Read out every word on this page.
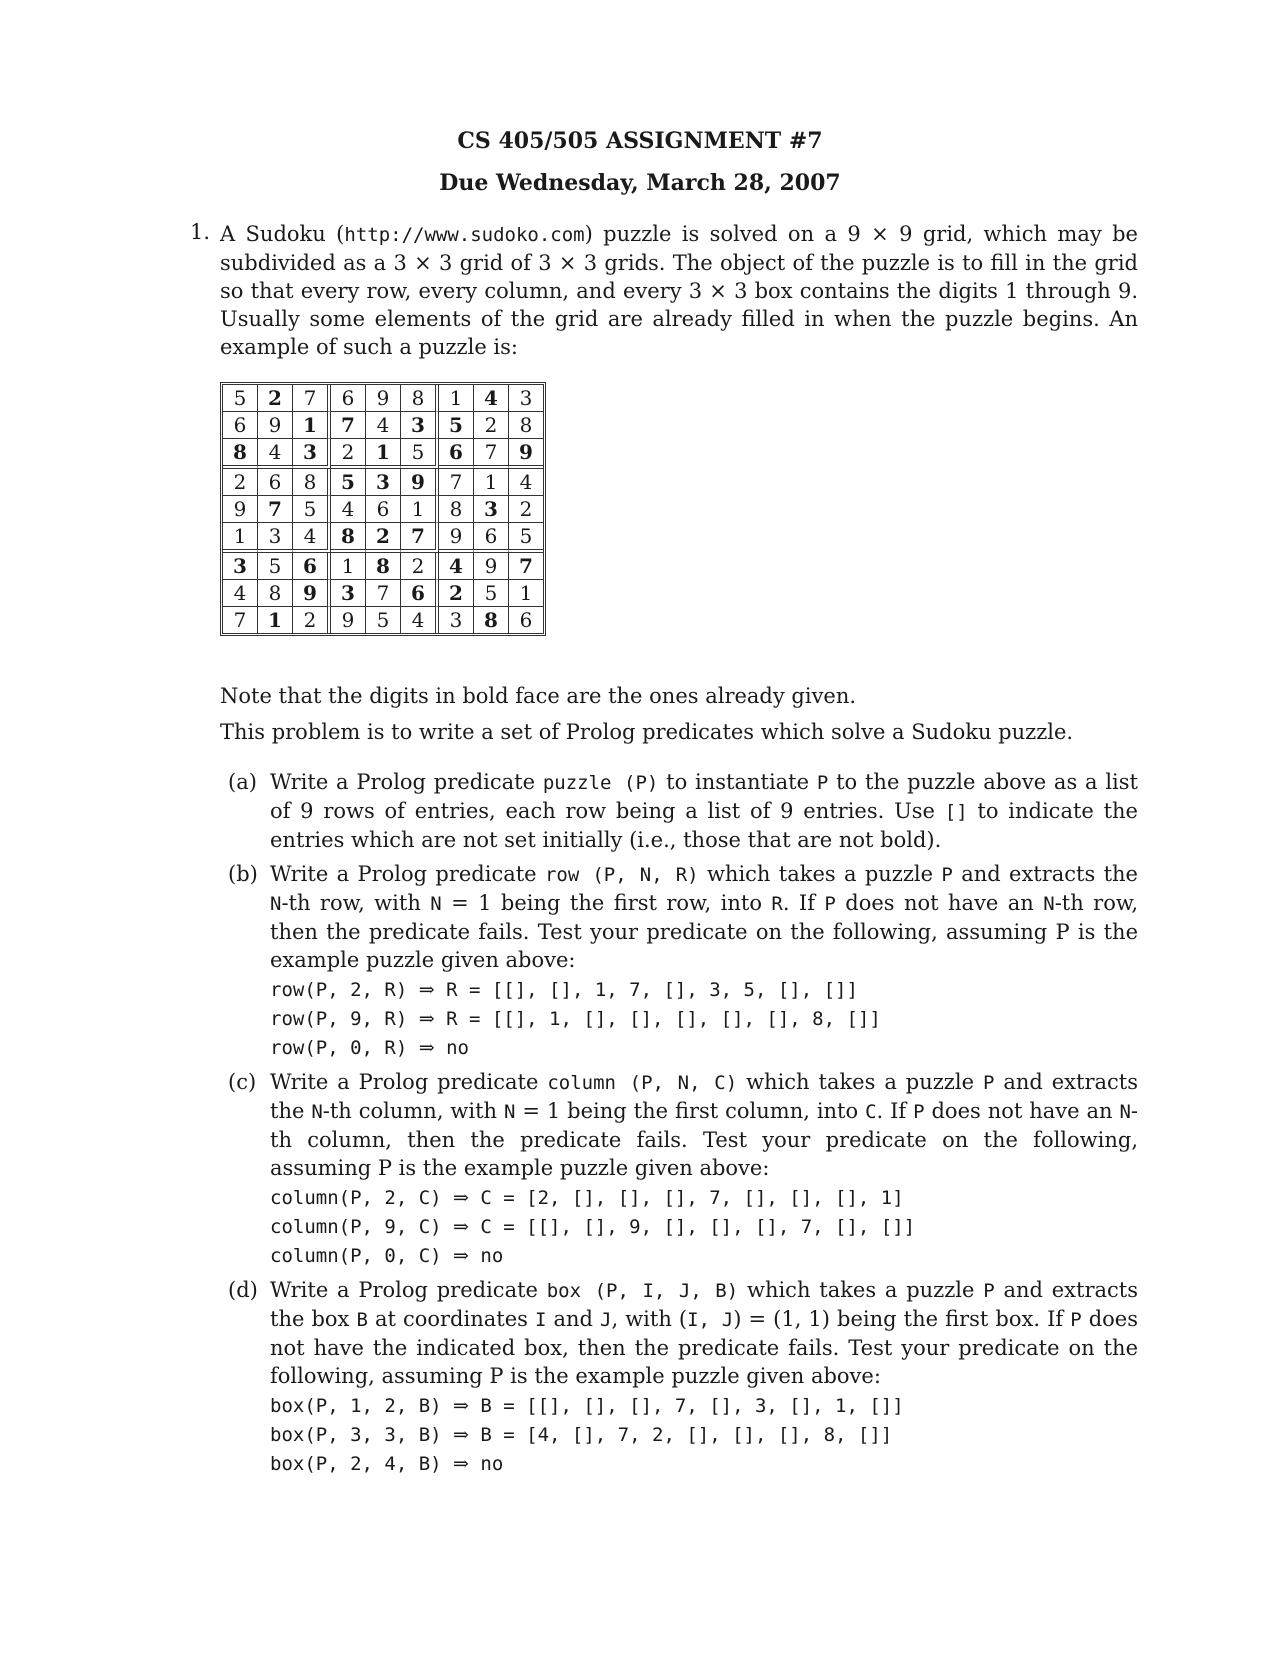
CS 405/505 ASSIGNMENT #7
Due Wednesday, March 28, 2007
1. A Sudoku (http://www.sudoko.com) puzzle is solved on a 9 × 9 grid, which may be subdivided as a 3 × 3 grid of 3 × 3 grids. The object of the puzzle is to fill in the grid so that every row, every column, and every 3 × 3 box contains the digits 1 through 9. Usually some elements of the grid are already filled in when the puzzle begins. An example of such a puzzle is:
5	2	7	6	9	8	1	4	3
6	9	1	7	4	3	5	2	8
8	4	3	2	1	5	6	7	9
2	6	8	5	3	9	7	1	4
9	7	5	4	6	1	8	3	2
1	3	4	8	2	7	9	6	5
3	5	6	1	8	2	4	9	7
4	8	9	3	7	6	2	5	1
7	1	2	9	5	4	3	8	6
Note that the digits in bold face are the ones already given.
This problem is to write a set of Prolog predicates which solve a Sudoku puzzle.
(a) Write a Prolog predicate puzzle (P) to instantiate P to the puzzle above as a list of 9 rows of entries, each row being a list of 9 entries. Use [] to indicate the entries which are not set initially (i.e., those that are not bold).
(b) Write a Prolog predicate row (P, N, R) which takes a puzzle P and extracts the N-th row, with N = 1 being the first row, into R. If P does not have an N-th row, then the predicate fails. Test your predicate on the following, assuming P is the example puzzle given above:
row(P, 2, R) ⇒ R = [[], [], 1, 7, [], 3, 5, [], []]
row(P, 9, R) ⇒ R = [[], 1, [], [], [], [], [], 8, []]
row(P, 0, R) ⇒ no
(c) Write a Prolog predicate column (P, N, C) which takes a puzzle P and extracts the N-th column, with N = 1 being the first column, into C. If P does not have an N-th column, then the predicate fails. Test your predicate on the following, assuming P is the example puzzle given above:
column(P, 2, C) ⇒ C = [2, [], [], [], 7, [], [], [], 1]
column(P, 9, C) ⇒ C = [[], [], 9, [], [], [], 7, [], []]
column(P, 0, C) ⇒ no
(d) Write a Prolog predicate box (P, I, J, B) which takes a puzzle P and extracts the box B at coordinates I and J, with (I, J) = (1, 1) being the first box. If P does not have the indicated box, then the predicate fails. Test your predicate on the following, assuming P is the example puzzle given above:
box(P, 1, 2, B) ⇒ B = [[], [], [], 7, [], 3, [], 1, []]
box(P, 3, 3, B) ⇒ B = [4, [], 7, 2, [], [], [], 8, []]
box(P, 2, 4, B) ⇒ no
